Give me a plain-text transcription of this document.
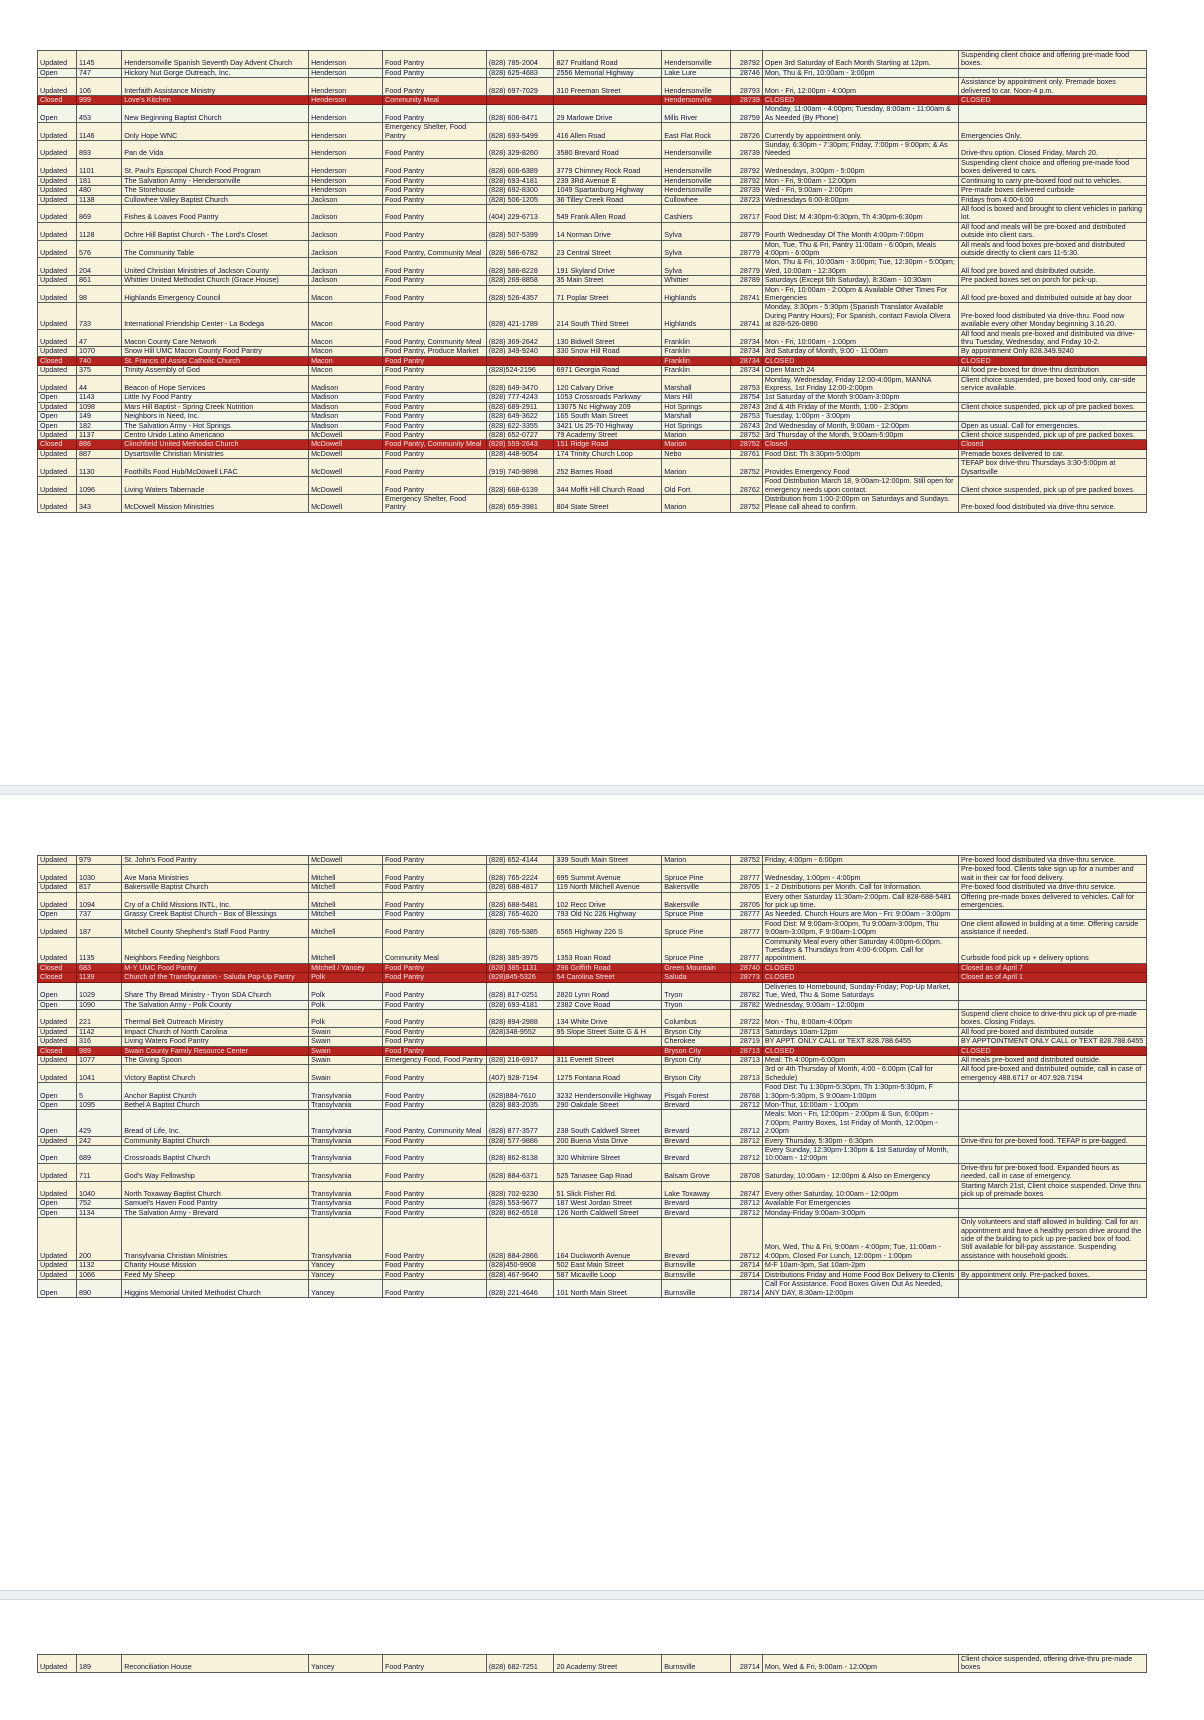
Updated	1145	Hendersonville Spanish Seventh Day Advent Church	Henderson	Food Pantry	(828) 785-2004	827 Fruitland Road	Hendersonville	28792	Open 3rd Saturday of Each Month Starting at 12pm.	Suspending client choice and offering pre-made food boxes.
Open	747	Hickory Nut Gorge Outreach, Inc.	Henderson	Food Pantry	(828) 625-4683	2556 Memorial Highway	Lake Lure	28746	Mon, Thu & Fri, 10:00am - 3:00pm	
Updated	106	Interfaith Assistance Ministry	Henderson	Food Pantry	(828) 697-7029	310 Freeman Street	Hendersonville	28793	Mon - Fri, 12:00pm - 4:00pm	Assistance by appointment only. Premade boxes delivered to car. Noon-4 p.m.
Closed	999	Love's Kitchen	Henderson	Community Meal			Hendersonville	28739	CLOSED	CLOSED
Open	453	New Beginning Baptist Church	Henderson	Food Pantry	(828) 606-8471	29 Marlowe Drive	Mills River	28759	Monday, 11:00am - 4:00pm; Tuesday, 8:00am - 11:00am & As Needed (By Phone)	
Updated	1146	Only Hope WNC	Henderson	Emergency Shelter, Food Pantry	(828) 693-5499	416 Allen Road	East Flat Rock	28726	Currently by appointment only.	Emergencies Only.
Updated	893	Pan de Vida	Henderson	Food Pantry	(828) 329-8260	3580 Brevard Road	Hendersonville	28739	Sunday, 6:30pm - 7:30pm; Friday, 7:00pm - 9:00pm; & As Needed	Drive-thru option. Closed Friday, March 20.
Updated	1101	St. Paul's Episcopal Church Food Program	Henderson	Food Pantry	(828) 606-6389	3779 Chimney Rock Road	Hendersonville	28792	Wednesdays, 3:00pm - 5:00pm	Suspending client choice and offering pre-made food boxes delivered to cars.
Updated	181	The Salvation Army - Hendersonville	Henderson	Food Pantry	(828) 693-4181	239 3Rd Avenue E	Hendersonville	28792	Mon - Fri, 9:00am - 12:00pm	Continuing to carry pre-boxed food out to vehicles.
Updated	480	The Storehouse	Henderson	Food Pantry	(828) 692-8300	1049 Spartanburg Highway	Hendersonville	28739	Wed - Fri, 9:00am - 2:00pm	Pre-made boxes delivered curbside
Updated	1138	Cullowhee Valley Baptist Church	Jackson	Food Pantry	(828) 506-1205	36 Tilley Creek Road	Cullowhee	28723	Wednesdays 6:00-8:00pm	Fridays from 4:00-6:00
Updated	869	Fishes & Loaves Food Pantry	Jackson	Food Pantry	(404) 229-6713	549 Frank Allen Road	Cashiers	28717	Food Dist: M 4:30pm-6:30pm, Th 4:30pm-6:30pm	All food is boxed and brought to client vehicles in parking lot.
Updated	1128	Ochre Hill Baptist Church - The Lord's Closet	Jackson	Food Pantry	(828) 507-5399	14 Norman Drive	Sylva	28779	Fourth Wednesday Of The Month 4:00pm-7:00pm	All food and meals will be pre-boxed and distributed outside into client cars.
Updated	576	The Community Table	Jackson	Food Pantry, Community Meal	(828) 586-6782	23 Central Street	Sylva	28779	Mon, Tue, Thu & Fri, Pantry 11:00am - 6:00pm, Meals 4:00pm - 6:00pm	All meals and food boxes pre-boxed and distributed outside directly to client cars 11-5:30.
Updated	204	United Christian Ministries of Jackson County	Jackson	Food Pantry	(828) 586-8228	191 Skyland Drive	Sylva	28779	Mon, Thu & Fri, 10:00am - 3:00pm; Tue, 12:30pm - 5:00pm; Wed, 10:00am - 12:30pm	All food pre boxed and dsitributed outside.
Updated	861	Whittier United Methodist Church (Grace House)	Jackson	Food Pantry	(828) 269-8858	35 Main Street	Whittier	28789	Saturdays (Except 5th Saturday), 8:30am - 10:30am	Pre packed boxes set on porch for pick-up.
Updated	98	Highlands Emergency Council	Macon	Food Pantry	(828) 526-4357	71 Poplar Street	Highlands	28741	Mon - Fri, 10:00am - 2:00pm & Available Other Times For Emergencies	All food pre-boxed and distributed outside at bay door
Updated	733	International Friendship Center - La Bodega	Macon	Food Pantry	(828) 421-1789	214 South Third Street	Highlands	28741	Monday, 3:30pm - 5:30pm (Spanish Translator Available During Pantry Hours); For Spanish, contact Faviola Olvera at 828-526-0890	Pre-boxed food distributed via drive-thru. Food now available every other Monday beginning 3.16.20.
Updated	47	Macon County Care Network	Macon	Food Pantry, Community Meal	(828) 369-2642	130 Bidwell Street	Franklin	28734	Mon - Fri, 10:00am - 1:00pm	All food and meals pre-boxed and distributed via drive-thru Tuesday, Wednesday, and Friday 10-2.
Updated	1070	Snow Hill UMC Macon County Food Pantry	Macon	Food Pantry, Produce Market	(828) 349-9240	330 Snow Hill Road	Franklin	28734	3rd Saturday of Month, 9:00 - 11:00am	By appointment Only 828.349.9240
Closed	740	St. Francis of Assisi Catholic Church	Macon	Food Pantry			Franklin	28734	CLOSED	CLOSED
Updated	375	Trinity Assembly of God	Macon	Food Pantry	(828)524-2196	6971 Georgia Road	Franklin	28734	Open March 24	All food pre-boxed for drive-thru distribution
Updated	44	Beacon of Hope Services	Madison	Food Pantry	(828) 649-3470	120 Calvary Drive	Marshall	28753	Monday, Wednesday, Friday 12:00-4:00pm, MANNA Express, 1st Friday 12:00-2:00pm	Client choice suspended, pre boxed food only, car-side service available.
Open	1143	Little Ivy Food Pantry	Madison	Food Pantry	(828) 777-4243	1053 Crossroads Parkway	Mars Hill	28754	1st Saturday of the Month 9:00am-3:00pm	
Updated	1098	Mars Hill Baptist - Spring Creek Nutrition	Madison	Food Pantry	(828) 689-2911	13075 Nc Highway 209	Hot Springs	28743	2nd & 4th Friday of the Month, 1:00 - 2:30pm	Client choice suspended, pick up of pre packed boxes.
Open	149	Neighbors in Need, Inc.	Madison	Food Pantry	(828) 649-3622	165 South Main Street	Marshall	28753	Tuesday, 1:00pm - 3:00pm	
Open	182	The Salvation Army - Hot Springs	Madison	Food Pantry	(828) 622-3355	3421 Us 25-70 Highway	Hot Springs	28743	2nd Wednesday of Month, 9:00am - 12:00pm	Open as usual. Call for emergencies.
Updated	1137	Centro Unido Latino Americano	McDowell	Food Pantry	(828) 652-0727	79 Academy Street	Marion	28752	3rd Thursday of the Month, 9:00am-5:00pm	Client choice suspended, pick up of pre packed boxes.
Closed	886	Clinchfield United Methodist Church	McDowell	Food Pantry, Community Meal	(828) 559-2643	151 Ridge Road	Marion	28752	Closed	Closed
Updated	887	Dysartsville Christian Ministries	McDowell	Food Pantry	(828) 448-9054	174 Trinity Church Loop	Nebo	28761	Food Dist: Th 3:30pm-5:00pm	Premade boxes delivered to car.
Updated	1130	Foothills Food Hub/McDowell LFAC	McDowell	Food Pantry	(919) 740-9898	252 Barnes Road	Marion	28752	Provides Emergency Food	TEFAP box drive-thru Thursdays 3:30-5:00pm at Dysartsville
Updated	1096	Living Waters Tabernacle	McDowell	Food Pantry	(828) 668-6139	344 Moffit Hill Church Road	Old Fort	28762	Food Distribution March 18, 9:00am-12:00pm. Still open for emergency needs upon contact.	Client choice suspended, pick up of pre packed boxes.
Updated	343	McDowell Mission Ministries	McDowell	Emergency Shelter, Food Pantry	(828) 659-3981	804 State Street	Marion	28752	Distribution from 1:00-2:00pm on Saturdays and Sundays. Please call ahead to confirm.	Pre-boxed food distributed via drive-thru service.
Updated	979	St. John's Food Pantry	McDowell	Food Pantry	(828) 652-4144	339 South Main Street	Marion	28752	Friday, 4:00pm - 6:00pm	Pre-boxed food distributed via drive-thru service.
Updated	1030	Ave Maria Ministries	Mitchell	Food Pantry	(828) 765-2224	695 Summit Avenue	Spruce Pine	28777	Wednesday, 1:00pm - 4:00pm	Pre-boxed food. Clients take sign up for a number and wait in their car for food delivery.
Updated	817	Bakersville Baptist Church	Mitchell	Food Pantry	(828) 688-4817	119 North Mitchell Avenue	Bakersville	28705	1 - 2 Distributions per Month. Call for Information.	Pre-boxed food distributed via drive-thru service.
Updated	1094	Cry of a Child Missions INTL, Inc.	Mitchell	Food Pantry	(828) 688-5481	102 Recc Drive	Bakersville	28705	Every other Saturday 11:30am-2:00pm. Call 828-688-5481 for pick up time.	Offering pre-made boxes delivered to vehicles. Call for emergencies.
Open	737	Grassy Creek Baptist Church - Box of Blessings	Mitchell	Food Pantry	(828) 765-4620	793 Old Nc 226 Highway	Spruce Pine	28777	As Needed. Church Hours are Mon - Fri: 9:00am - 3:00pm	
Updated	187	Mitchell County Shepherd's Staff Food Pantry	Mitchell	Food Pantry	(828) 765-5385	6565 Highway 226 S	Spruce Pine	28777	Food Dist: M 9:00am-3:00pm, Tu 9:00am-3:00pm, Thu 9:00am-3:00pm, F 9:00am-1:00pm	One client allowed in building at a time. Offering carside assistance if needed.
Updated	1135	Neighbors Feeding Neighbors	Mitchell	Community Meal	(828) 385-3975	1353 Roan Road	Spruce Pine	28777	Community Meal every other Saturday 4:00pm-6:00pm. Tuesdays & Thursdays from 4:00-6:00pm. Call for appointment.	Curbside food pick up + delivery options
Closed	683	M-Y UMC Food Pantry	Mitchell / Yancey	Food Pantry	(828) 385-1131	296 Griffith Road	Green Mountain	28740	CLOSED	Closed as of April 7
Closed	1139	Church of the Transfiguration - Saluda Pop-Up Pantry	Polk	Food Pantry	(828)845-5326	54 Carolina Street	Saluda	28773	CLOSED	Closed as of April 1
Open	1029	Share Thy Bread Ministry - Tryon SDA Church	Polk	Food Pantry	(828) 817-0251	2820 Lynn Road	Tryon	28782	Deliveries to Homebound, Sunday-Friday; Pop-Up Market, Tue, Wed, Thu & Some Saturdays	
Open	1090	The Salvation Army - Polk County	Polk	Food Pantry	(828) 693-4181	2382 Cove Road	Tryon	28782	Wednesday, 9:00am - 12:00pm	
Updated	221	Thermal Belt Outreach Ministry	Polk	Food Pantry	(828) 894-2988	134 White Drive	Columbus	28722	Mon - Thu, 8:00am-4:00pm	Suspend client choice to drive-thru pick up of pre-made boxes. Closing Fridays.
Updated	1142	Impact Church of North Carolina	Swain	Food Pantry	(828)348-9552	95 Slope Street Suite G & H	Bryson City	28713	Saturdays 10am-12pm	All food pre-boxed and distributed outside
Updated	316	Living Waters Food Pantry	Swain	Food Pantry			Cherokee	28719	BY APPT. ONLY CALL or TEXT 828.788.6455	BY APPTOINTMENT ONLY CALL or TEXT 828.788.6455
Closed	989	Swain County Family Resource Center	Swain	Food Pantry			Bryson City	28713	CLOSED	CLOSED
Updated	1077	The Giving Spoon	Swain	Emergency Food, Food Pantry	(828) 216-6917	311 Everett Street	Bryson City	28713	Meal: Th 4:00pm-6:00pm	All meals pre-boxed and distributed outside.
Updated	1041	Victory Baptist Church	Swain	Food Pantry	(407) 928-7194	1275 Fontana Road	Bryson City	28713	3rd or 4th Thursday of Month, 4:00 - 6:00pm (Call for Schedule)	All food pre-boxed and distributed outside, call in case of emergency 488.6717 or 407.928.7194
Open	5	Anchor Baptist Church	Transylvania	Food Pantry	(828)884-7610	3232 Hendersonville Highway	Pisgah Forest	28768	Food Dist: Tu 1:30pm-5:30pm, Th 1:30pm-5:30pm, F 1:30pm-5:30pm, S 9:00am-1:00pm	
Open	1095	Bethel A Baptist Church	Transylvania	Food Pantry	(828) 883-2035	290 Oakdale Street	Brevard	28712	Mon-Thur, 10:00am - 1:00pm	
Open	429	Bread of Life, Inc.	Transylvania	Food Pantry, Community Meal	(828) 877-3577	238 South Caldwell Street	Brevard	28712	Meals: Mon - Fri, 12:00pm - 2:00pm & Sun, 6:00pm - 7:00pm; Pantry Boxes, 1st Friday of Month, 12:00pm - 2:00pm	
Updated	242	Community Baptist Church	Transylvania	Food Pantry	(828) 577-9886	200 Buena Vista Drive	Brevard	28712	Every Thursday, 5:30pm - 6:30pm	Drive-thru for pre-boxed food. TEFAP is pre-bagged.
Open	689	Crossroads Baptist Church	Transylvania	Food Pantry	(828) 862-8138	320 Whitmire Street	Brevard	28712	Every Sunday, 12:30pm-1:30pm & 1st Saturday of Month, 10:00am - 12:00pm	
Updated	711	God's Way Fellowship	Transylvania	Food Pantry	(828) 884-6371	525 Tanasee Gap Road	Balsam Grove	28708	Saturday, 10:00am - 12:00pm & Also on Emergency	Drive-thru for pre-boxed food. Expanded hours as needed, call in case of emergency.
Updated	1040	North Toxaway Baptist Church	Transylvania	Food Pantry	(828) 702-9230	51 Slick Fisher Rd.	Lake Toxaway	28747	Every other Saturday, 10:00am - 12:00pm	Starting March 21st, Client choice suspended. Drive thru pick up of premade boxes
Open	752	Samuel's Haven Food Pantry	Transylvania	Food Pantry	(828) 553-9677	187 West Jordan Street	Brevard	28712	Available For Emergencies	
Open	1134	The Salvation Army - Brevard	Transylvania	Food Pantry	(828) 862-6518	126 North Caldwell Street	Brevard	28712	Monday-Friday 9:00am-3:00pm	
Updated	200	Transylvania Christian Ministries	Transylvania	Food Pantry	(828) 884-2866	164 Duckworth Avenue	Brevard	28712	Mon, Wed, Thu & Fri, 9:00am - 4:00pm; Tue, 11:00am - 4:00pm, Closed For Lunch, 12:00pm - 1:00pm	Only volunteers and staff allowed in building. Call for an appointment and have a healthy person drive around the side of the building to pick up pre-packed box of food. Still available for bill-pay assistance. Suspending assistance with household goods.
Updated	1132	Charity House Mission	Yancey	Food Pantry	(828)450-9908	502 East Main Street	Burnsville	28714	M-F 10am-3pm, Sat 10am-2pm	
Updated	1066	Feed My Sheep	Yancey	Food Pantry	(828) 467-9640	587 Micaville Loop	Burnsville	28714	Distributions Friday and Home Food Box Delivery to Clients	By appointment only. Pre-packed boxes.
Open	890	Higgins Memorial United Methodist Church	Yancey	Food Pantry	(828) 221-4646	101 North Main Street	Burnsville	28714	Call For Assistance. Food Boxes Given Out As Needed, ANY DAY, 8:30am-12:00pm	
Updated	189	Reconciliation House	Yancey	Food Pantry	(828) 682-7251	20 Academy Street	Burnsville	28714	Mon, Wed & Fri, 9:00am - 12:00pm	Client choice suspended, offering drive-thru pre-made boxes
